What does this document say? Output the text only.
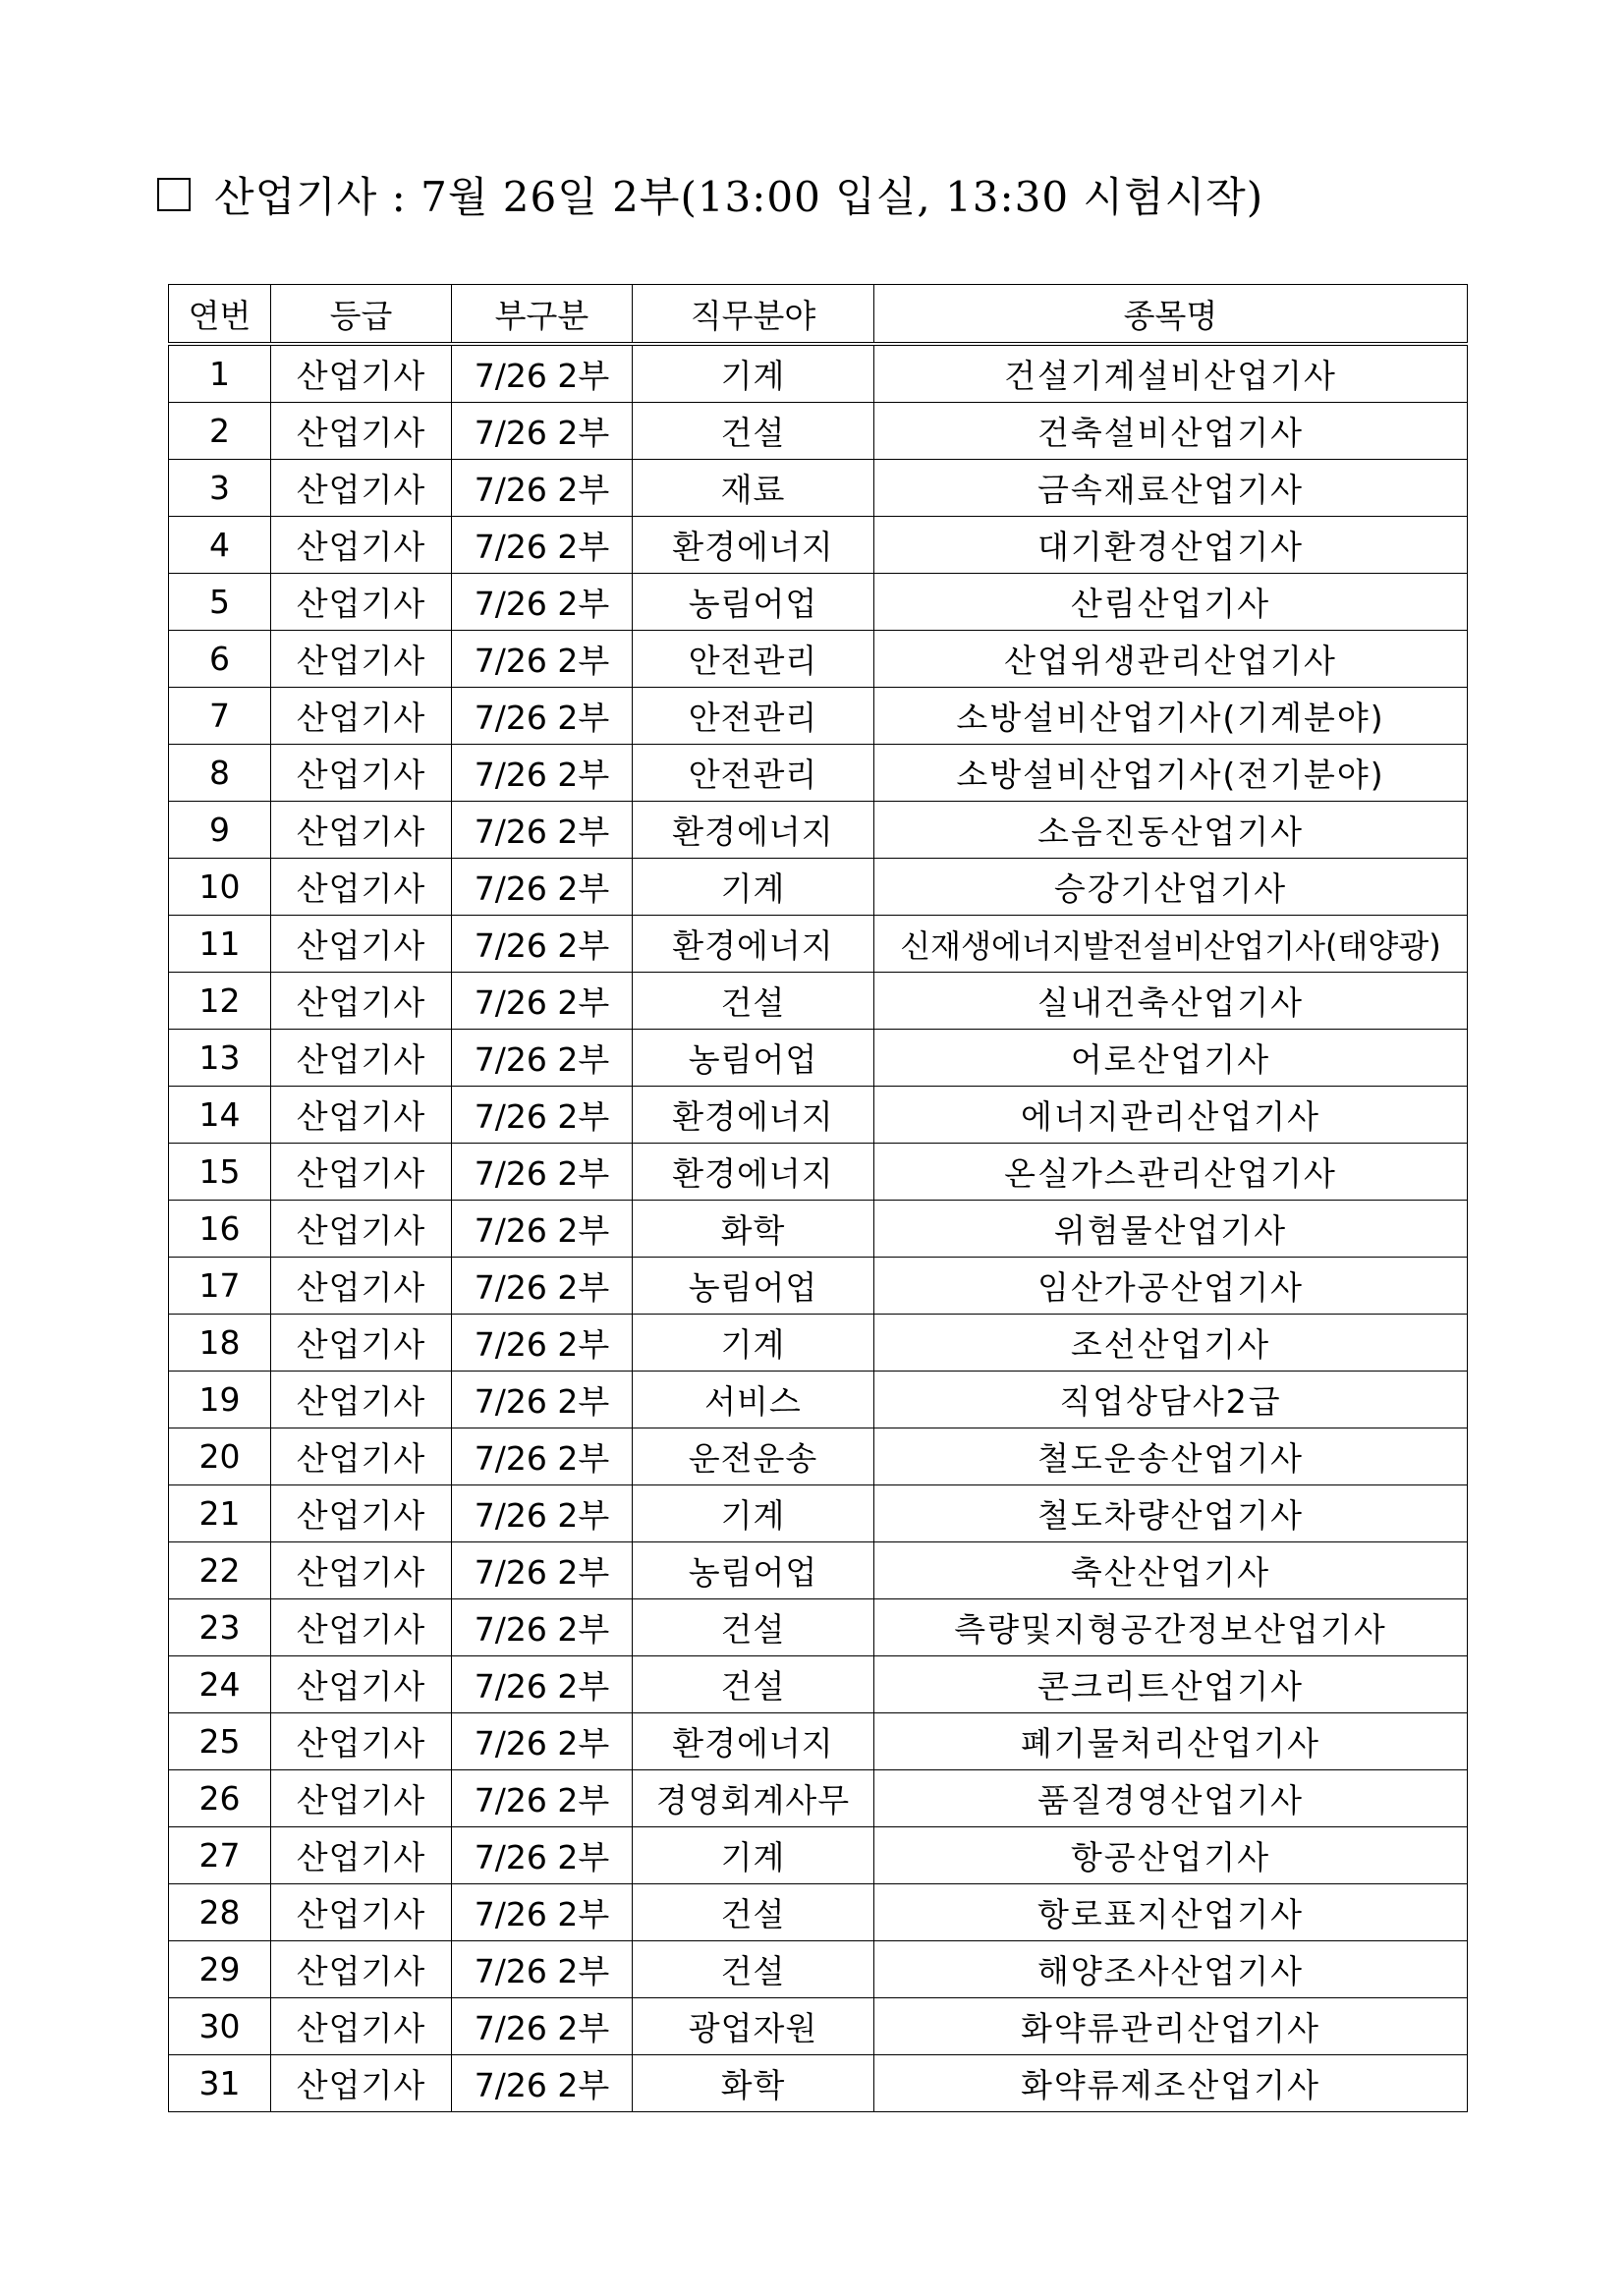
산업기사 : 7월 26일 2부(13:00 입실, 13:30 시험시작)
연번	등급	부구분	직무분야	종목명
1	산업기사	7/26 2부	기계	건설기계설비산업기사
2	산업기사	7/26 2부	건설	건축설비산업기사
3	산업기사	7/26 2부	재료	금속재료산업기사
4	산업기사	7/26 2부	환경에너지	대기환경산업기사
5	산업기사	7/26 2부	농림어업	산림산업기사
6	산업기사	7/26 2부	안전관리	산업위생관리산업기사
7	산업기사	7/26 2부	안전관리	소방설비산업기사(기계분야)
8	산업기사	7/26 2부	안전관리	소방설비산업기사(전기분야)
9	산업기사	7/26 2부	환경에너지	소음진동산업기사
10	산업기사	7/26 2부	기계	승강기산업기사
11	산업기사	7/26 2부	환경에너지	신재생에너지발전설비산업기사(태양광)
12	산업기사	7/26 2부	건설	실내건축산업기사
13	산업기사	7/26 2부	농림어업	어로산업기사
14	산업기사	7/26 2부	환경에너지	에너지관리산업기사
15	산업기사	7/26 2부	환경에너지	온실가스관리산업기사
16	산업기사	7/26 2부	화학	위험물산업기사
17	산업기사	7/26 2부	농림어업	임산가공산업기사
18	산업기사	7/26 2부	기계	조선산업기사
19	산업기사	7/26 2부	서비스	직업상담사2급
20	산업기사	7/26 2부	운전운송	철도운송산업기사
21	산업기사	7/26 2부	기계	철도차량산업기사
22	산업기사	7/26 2부	농림어업	축산산업기사
23	산업기사	7/26 2부	건설	측량및지형공간정보산업기사
24	산업기사	7/26 2부	건설	콘크리트산업기사
25	산업기사	7/26 2부	환경에너지	폐기물처리산업기사
26	산업기사	7/26 2부	경영회계사무	품질경영산업기사
27	산업기사	7/26 2부	기계	항공산업기사
28	산업기사	7/26 2부	건설	항로표지산업기사
29	산업기사	7/26 2부	건설	해양조사산업기사
30	산업기사	7/26 2부	광업자원	화약류관리산업기사
31	산업기사	7/26 2부	화학	화약류제조산업기사
